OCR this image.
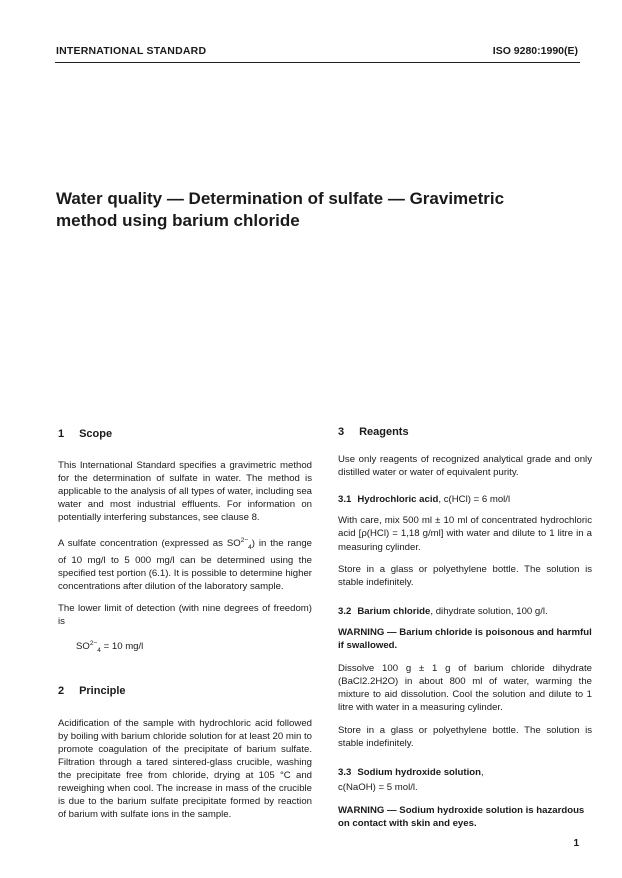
INTERNATIONAL STANDARD	ISO 9280:1990(E)
Water quality — Determination of sulfate — Gravimetric
method using barium chloride
1 Scope

This International Standard specifies a gravimetric method for the determination of sulfate in water. The method is applicable to the analysis of all types of water, including sea water and most industrial effluents. For information on potentially interfering substances, see clause 8.

A sulfate concentration (expressed as $SO^{2-}_4$) in the range of 10 mg/l to 5 000 mg/l can be determined using the specified test portion (6.1). It is possible to determine higher concentrations after dilution of the laboratory sample.

The lower limit of detection (with nine degrees of freedom) is

$SO^{2-}_4 = 10$ mg/l
2 Principle

Acidification of the sample with hydrochloric acid followed by boiling with barium chloride solution for at least 20 min to promote coagulation of the precipitate of barium sulfate. Filtration through a tared sintered-glass crucible, washing the precipitate free from chloride, drying at 105 °C and reweighing when cool. The increase in mass of the crucible is due to the barium sulfate precipitate formed by reaction of barium with sulfate ions in the sample.

3 Reagents

Use only reagents of recognized analytical grade and only distilled water or water of equivalent purity.

3.1 Hydrochloric acid, c(HCl) = 6 mol/l

With care, mix 500 ml ± 10 ml of concentrated hydrochloric acid [ρ(HCl) = 1,18 g/ml] with water and dilute to 1 litre in a measuring cylinder.

Store in a glass or polyethylene bottle. The solution is stable indefinitely.

3.2 Barium chloride, dihydrate solution, 100 g/l.
WARNING — Barium chloride is poisonous and harmful if swallowed.

Dissolve 100 g ± 1 g of barium chloride dihydrate (BaCl2.2H2O) in about 800 ml of water, warming the mixture to aid dissolution. Cool the solution and dilute to 1 litre with water in a measuring cylinder.

Store in a glass or polyethylene bottle. The solution is stable indefinitely.

3.3 Sodium hydroxide solution,

c(NaOH) = 5 mol/l.

WARNING — Sodium hydroxide solution is hazardous on contact with skin and eyes.
1
